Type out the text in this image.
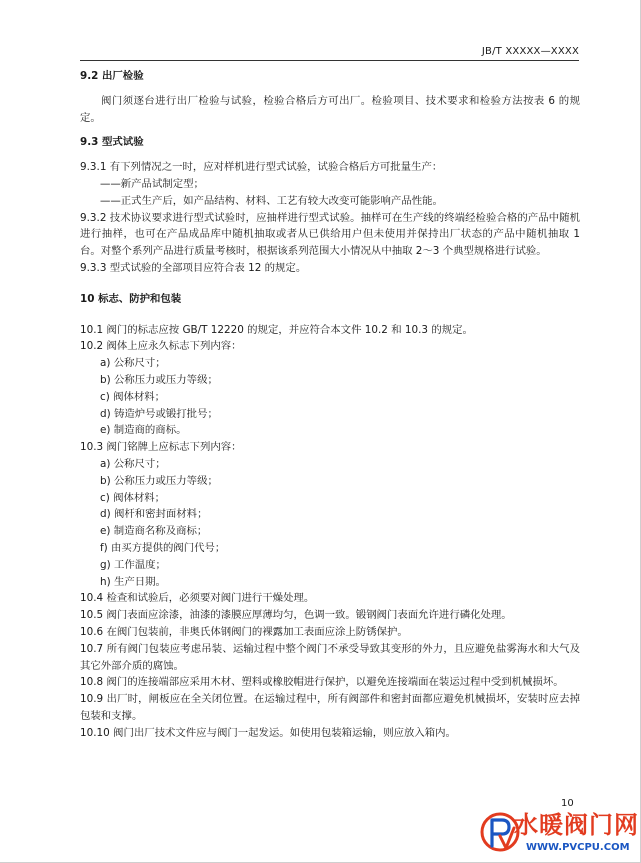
JB/T XXXXX—XXXX

9.2 出厂检验

阀门须逐台进行出厂检验与试验，检验合格后方可出厂。检验项目、技术要求和检验方法按表 6 的规定。

9.3 型式试验

9.3.1 有下列情况之一时，应对样机进行型式试验，试验合格后方可批量生产：

——新产品试制定型；

——正式生产后，如产品结构、材料、工艺有较大改变可能影响产品性能。

9.3.2 技术协议要求进行型式试验时，应抽样进行型式试验。抽样可在生产线的终端经检验合格的产品中随机进行抽样，也可在产品成品库中随机抽取或者从已供给用户但未使用并保持出厂状态的产品中随机抽取 1 台。对整个系列产品进行质量考核时，根据该系列范围大小情况从中抽取 2～3 个典型规格进行试验。

9.3.3 型式试验的全部项目应符合表 12 的规定。

10 标志、防护和包装

10.1 阀门的标志应按 GB/T 12220 的规定，并应符合本文件 10.2 和 10.3 的规定。

10.2 阀体上应永久标志下列内容：

a) 公称尺寸；

b) 公称压力或压力等级；

c) 阀体材料；

d) 铸造炉号或锻打批号；

e) 制造商的商标。

10.3 阀门铭牌上应标志下列内容：

a) 公称尺寸；

b) 公称压力或压力等级；

c) 阀体材料；

d) 阀杆和密封面材料；

e) 制造商名称及商标；

f) 由买方提供的阀门代号；

g) 工作温度；

h) 生产日期。

10.4 检查和试验后，必须要对阀门进行干燥处理。

10.5 阀门表面应涂漆，油漆的漆膜应厚薄均匀，色调一致。锻钢阀门表面允许进行磷化处理。

10.6 在阀门包装前，非奥氏体钢阀门的裸露加工表面应涂上防锈保护。

10.7 所有阀门包装应考虑吊装、运输过程中整个阀门不承受导致其变形的外力，且应避免盐雾海水和大气及其它外部介质的腐蚀。

10.8 阀门的连接端部应采用木材、塑料或橡胶帽进行保护，以避免连接端面在装运过程中受到机械损坏。

10.9 出厂时，闸板应在全关闭位置。在运输过程中，所有阀部件和密封面都应避免机械损坏，安装时应去掉包装和支撑。

10.10 阀门出厂技术文件应与阀门一起发运。如使用包装箱运输，则应放入箱内。

10
水暖阀门网
WWW.PVCPU.COM
